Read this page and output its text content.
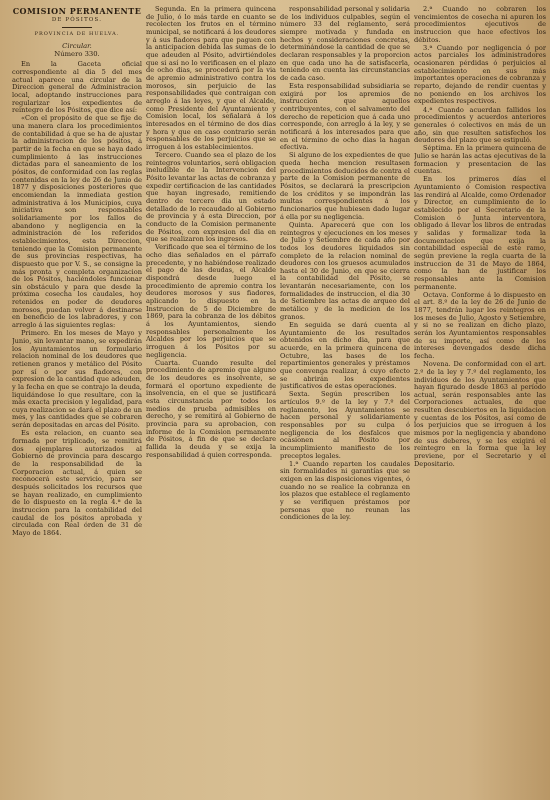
COMISION PERMANENTE
DE PÓSITOS.
PROVINCIA DE HUELVA.
Circular.
Número 330.

En la Gaceta oficial correspondiente al dia 5 del mes actual aparece una circular de la Direccion general de Administracion local, adoptando instrucciones para regularizar los expedientes de reintegro de los Pósitos, que dice así:

«Con el propósito de que se fije de una manera clara los procedimientos de contabilidad á que se ha de ajustar la administracion de los pósitos, á partir de la fecha en que se haya dado cumplimiento á las instrucciones dictadas para el saneamiento de los pósitos, de conformidad con las reglas contenidas en la ley de 26 de Junio de 1877 y disposiciones posteriores que encomiendan la inmediata gestion administrativa á los Municipios, cuya iniciativa son responsables solidariamente por los fallos de abandono y negligencia en la administracion de los referidos establecimientos, esta Direccion, teniendo que la Comision permanente de sus provincias respectivas, ha dispuesto que por V. S., se consigne la más pronta y completa organizacion de los Pósitos, haciéndoles funcionar sin obstáculo y para que desde la próxima cosecha los caudales, hoy retenidos en poder de deudores morosos, puedan volver á destinarse en beneficio de los labradores, y con arreglo á las siguientes reglas:

Primero. En los meses de Mayo y Junio, sin levantar mano, se expedirán los Ayuntamientos un formulario relacion nominal de los deudores que retienen granos y metálico del Pósito por sí o por sus fiadores, con expresion de la cantidad que adeuden, y la fecha en que se contrajo la deuda, liquidándose lo que resultare, con la más exacta precision y legalidad, para cuya realizacion se dará el plazo de un mes, y las cantidades que se cobraren serán depositadas en arcas del Pósito.

Es esta relacion, en cuanto sea formada por triplicado, se remitirá dos ejemplares autorizados al Gobierno de provincia para descargo de la responsabilidad de la Corporacion actual, á quien se reconocerá este servicio, para ser después solicitados los recursos que se hayan realizado, en cumplimiento de lo dispuesto en la regla 4.ª de la instruccion para la contabilidad del caudal de los pósitos aprobada y circulada con Real órden de 31 de Mayo de 1864.

Segunda. En la primera quincena de Julio, ó lo más tarde en cuanto se recolecten los frutos en el término municipal, se notificará á los deudores y á sus fiadores para que paguen con la anticipacion debida las sumas de lo que adeuden al Pósito, advirtiéndoles que si así no lo verificasen en el plazo de ocho dias, se procederá por la via de apremio administrativo contra los morosos, sin perjuicio de las responsabilidades que contraigan con arreglo á las leyes, y que el Alcalde, como Presidente del Ayuntamiento y Comision local, los señalará á los interesados en el término de dos dias y hora y que en caso contrario serán responsables de los perjuicios que se irroguen á los establecimientos.

Tercero. Cuando sea el plazo de los reintegros voluntarios, será obligacion ineludible de la Intervencion del Pósito levantar las actas de cobranza y expedir certificacion de las cantidades que hayan ingresado, remitiendo dentro de tercero dia un estado detallado de lo recaudado al Gobierno de provincia y á esta Direccion, por conducto de la Comision permanente de Pósitos, con expresion del dia en que se realizaron los ingresos.

Verificado que sea el término de los ocho dias señalados en el párrafo precedente, y no habiéndose realizado el pago de las deudas, el Alcalde dispondrá desde luego el procedimiento de apremio contra los deudores morosos y sus fiadores, aplicando lo dispuesto en la Instruccion de 5 de Diciembre de 1869, para la cobranza de los débitos á los Ayuntamientos, siendo responsables personalmente los Alcaldes por los perjuicios que se irroguen á los Pósitos por su negligencia.

Cuarta. Cuando resulte del procedimiento de apremio que alguno de los deudores es insolvente, se formará el oportuno expediente de insolvencia, en el que se justificará esta circunstancia por todos los medios de prueba admisibles en derecho, y se remitirá al Gobierno de provincia para su aprobacion, con informe de la Comision permanente de Pósitos, á fin de que se declare fallida la deuda y se exija la responsabilidad á quien corresponda.

responsabilidad personal y solidaria de los individuos culpables, según el número 33 del reglamento, será siempre motivada y fundada en hechos y consideraciones concretas, determinándose la cantidad de que se declaran responsables y la proporcion en que cada uno ha de satisfacerla, teniendo en cuenta las circunstancias de cada caso.

Esta responsabilidad subsidiaria se exigirá por los apremios de instruccion que aquellos contribuyentes, con el salvamento del derecho de repeticion que á cada uno corresponde, con arreglo á la ley, y se notificará á los interesados para que en el término de ocho dias la hagan efectiva.

Si alguno de los expedientes de que queda hecha mencion resultasen procedimientos deducidos de contra el parte de la Comision permanente de Pósitos, se declarará la prescripcion de los créditos y se impondrán las multas correspondientes á los funcionarios que hubiesen dado lugar á ella por su negligencia.

Quinta. Aparecerá que con los reintegros y ejecuciones en los meses de Julio y Setiembre de cada año por todos los deudores liquidados sin completo de la relacion nominal de deudores con los gruesos acumulados hasta el 30 de Junio, en que se cierra la contabilidad del Pósito, se levantarán necesariamente, con los formalidades de instruccion, el dia 30 de Setiembre las actas de arqueo del metálico y de la medicion de los granos.

En seguida se dará cuenta al Ayuntamiento de los resultados obtenidos en dicho dia, para que acuerde, en la primera quincena de Octubre, las bases de los repartimientos generales y préstamos que convenga realizar, á cuyo efecto se abrirán los expedientes justificativos de estas operaciones.

Sexta. Según prescriben los artículos 9.º de la ley y 7.º del reglamento, los Ayuntamientos se hacen personal y solidariamente responsables por su culpa ó negligencia de los desfalcos que ocasionen al Pósito por incumplimiento manifiesto de los preceptos legales.

1.ª Cuando reparten los caudales sin formalidades ni garantías que se exigen en las disposiciones vigentes, ó cuando no se realice la cobranza en los plazos que establece el reglamento y se verifiquen préstamos por personas que no reunan las condiciones de la ley.

2.ª Cuando no cobraren los vencimientos de cosecha ni apuren los procedimientos ejecutivos de instruccion que hace efectivos los débitos.

3.ª Cuando por negligencia ó por actos parciales los administradores ocasionaren pérdidas ó perjuicios al establecimiento en sus más importantes operaciones de cobranza y reparto, dejando de rendir cuentas y no poniendo en los archivos los expedientes respectivos.

4.ª Cuando acuerdan fallidos los procedimientos y acuerdos anteriores generales ó colectivos en más de un año, sin que resulten satisfechos los deudores del plazo que se estipuló.

Séptima. En la primera quincena de Julio se harán las actas ejecutivas de la formacion y presentacion de las cuentas.

En los primeros días el Ayuntamiento ó Comision respectiva las rendirá al Alcalde, como Ordenador y Director, en cumplimiento de lo establecido por el Secretario de la Comision ó Junta interventora, obligado á llevar los libros de entradas y salidas y formalizar toda la documentacion que exija la contabilidad especial de este ramo, según previene la regla cuarta de la instruccion de 31 de Mayo de 1864, como la han de justificar los responsables ante la Comision permanente.

Octava. Conforme á lo dispuesto en el art. 8.º de la ley de 26 de Junio de 1877, tendrán lugar los reintegros en los meses de Julio, Agosto y Setiembre, y si no se realizan en dicho plazo, serán los Ayuntamientos responsables de su importe, así como de los intereses devengados desde dicha fecha.

Novena. De conformidad con el art. 2.º de la ley y 7.º del reglamento, los individuos de los Ayuntamientos que hayan figurado desde 1863 al período actual, serán responsables ante las Corporaciones actuales, de que resulten descubiertos en la liquidacion y cuentas de los Pósitos, así como de los perjuicios que se irroguen á los mismos por la negligencia y abandono de sus deberes, y se les exigirá el reintegro en la forma que la ley previene, por el Secretario y el Depositario.
